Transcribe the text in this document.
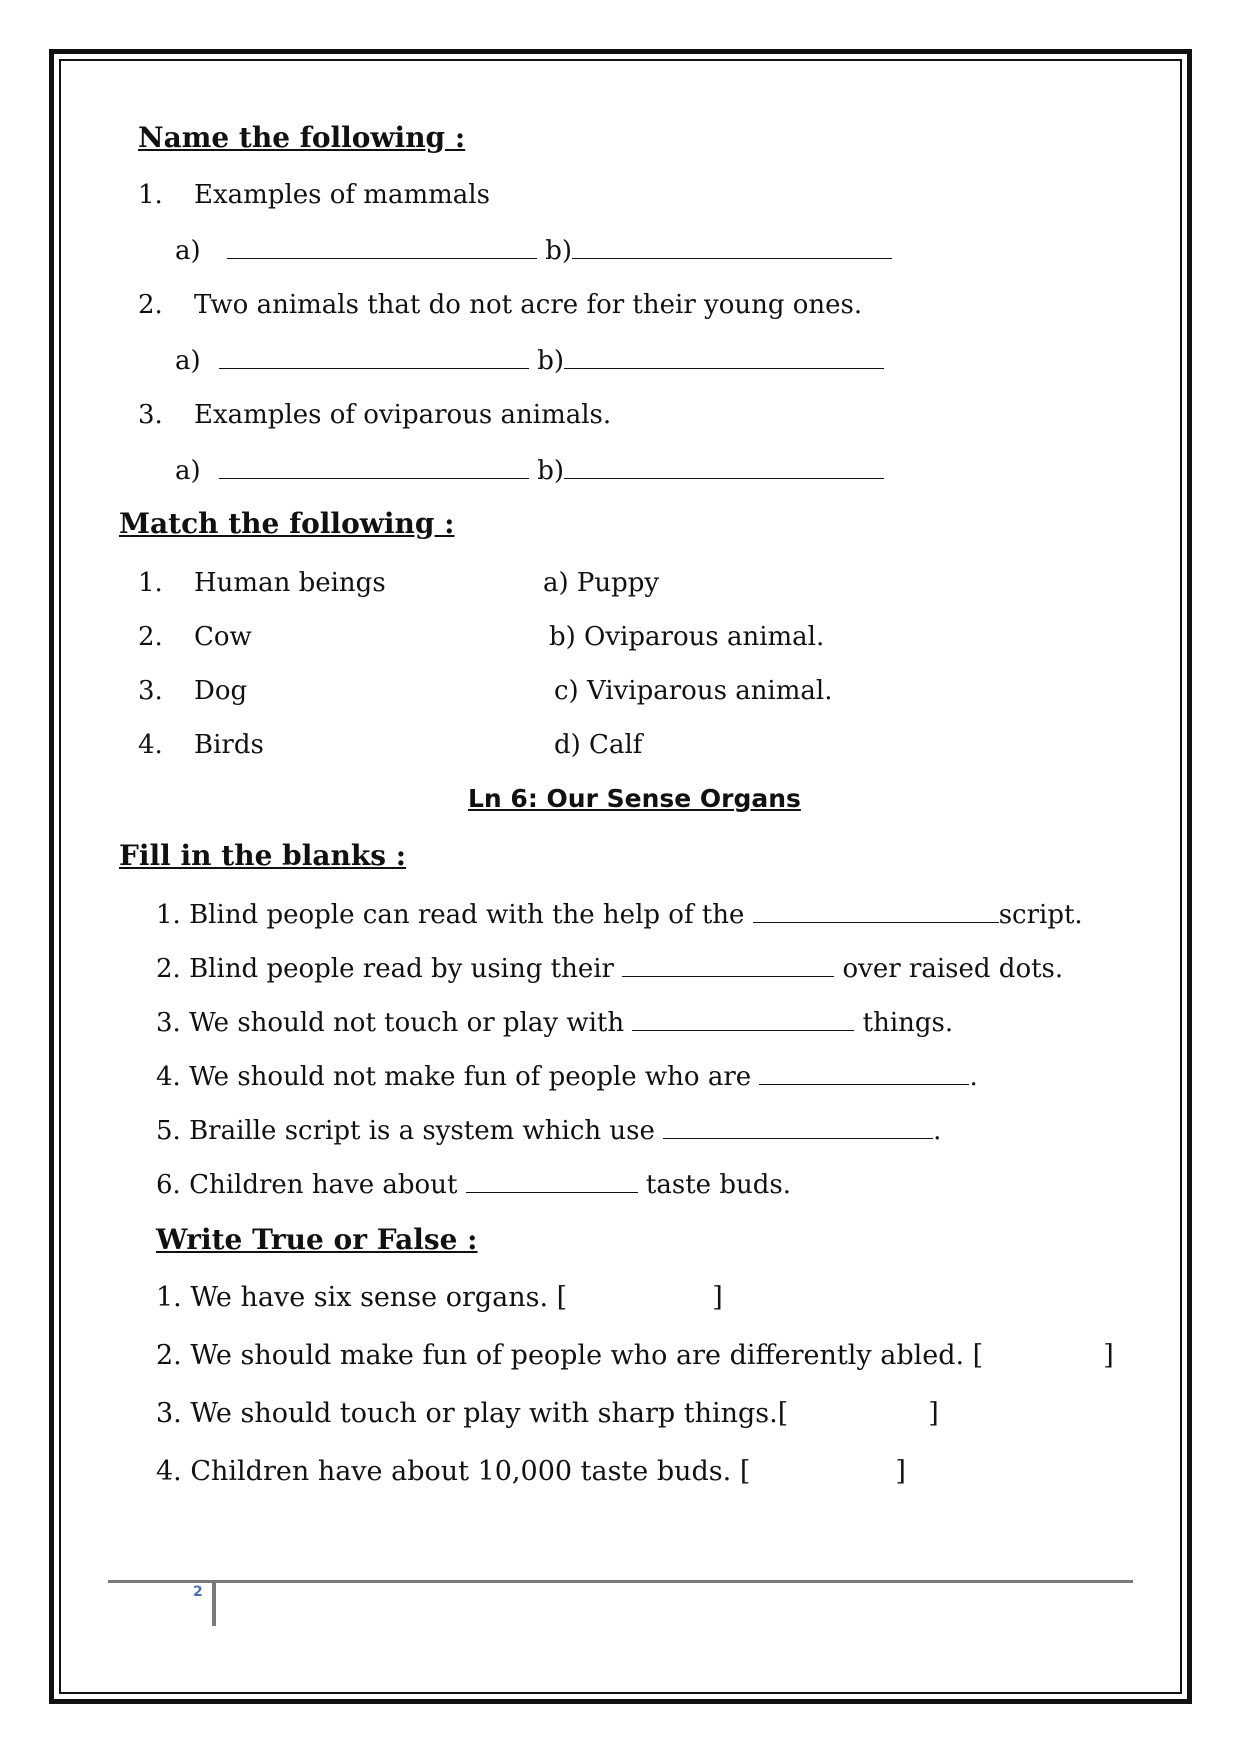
Name the following :
1. Examples of mammals
a)	b)
2. Two animals that do not acre for their young ones.
a)	b)
3. Examples of oviparous animals.
a)	b)
Match the following :
1. Human beings	a) Puppy
2. Cow	b) Oviparous animal.
3. Dog	c) Viviparous animal.
4. Birds	d) Calf
Ln 6: Our Sense Organs
Fill in the blanks :
1. Blind people can read with the help of the	script.
2. Blind people read by using their	over raised dots.
3. We should not touch or play with	things.
4. We should not make fun of people who are	.
5. Braille script is a system which use	.
6. Children have about	taste buds.
Write True or False :
1. We have six sense organs. [	]
2. We should make fun of people who are differently abled. [	]
3. We should touch or play with sharp things.[	]
4. Children have about 10,000 taste buds. [	]
2
